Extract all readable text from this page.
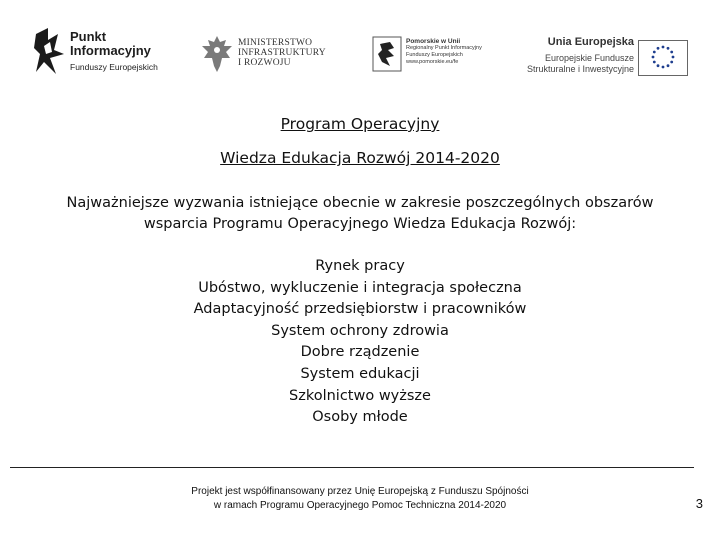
Punkt
Informacyjny
Funduszy Europejskich
MINISTERSTWO
INFRASTRUKTURY
I ROZWOJU
Pomorskie w Unii
Regionalny Punkt Informacyjny
Funduszy Europejskich
www.pomorskie.eu/fe
Unia Europejska
Europejskie Fundusze
Strukturalne i Inwestycyjne
Program Operacyjny
Wiedza Edukacja Rozwój 2014-2020
Najważniejsze wyzwania istniejące obecnie w zakresie poszczególnych obszarów wsparcia Programu Operacyjnego Wiedza Edukacja Rozwój:
Rynek pracy
Ubóstwo, wykluczenie i integracja społeczna
Adaptacyjność przedsiębiorstw i pracowników
System ochrony zdrowia
Dobre rządzenie
System edukacji
Szkolnictwo wyższe
Osoby młode
Projekt jest współfinansowany przez Unię Europejską z Funduszu Spójności
w ramach Programu Operacyjnego Pomoc Techniczna 2014-2020	3
